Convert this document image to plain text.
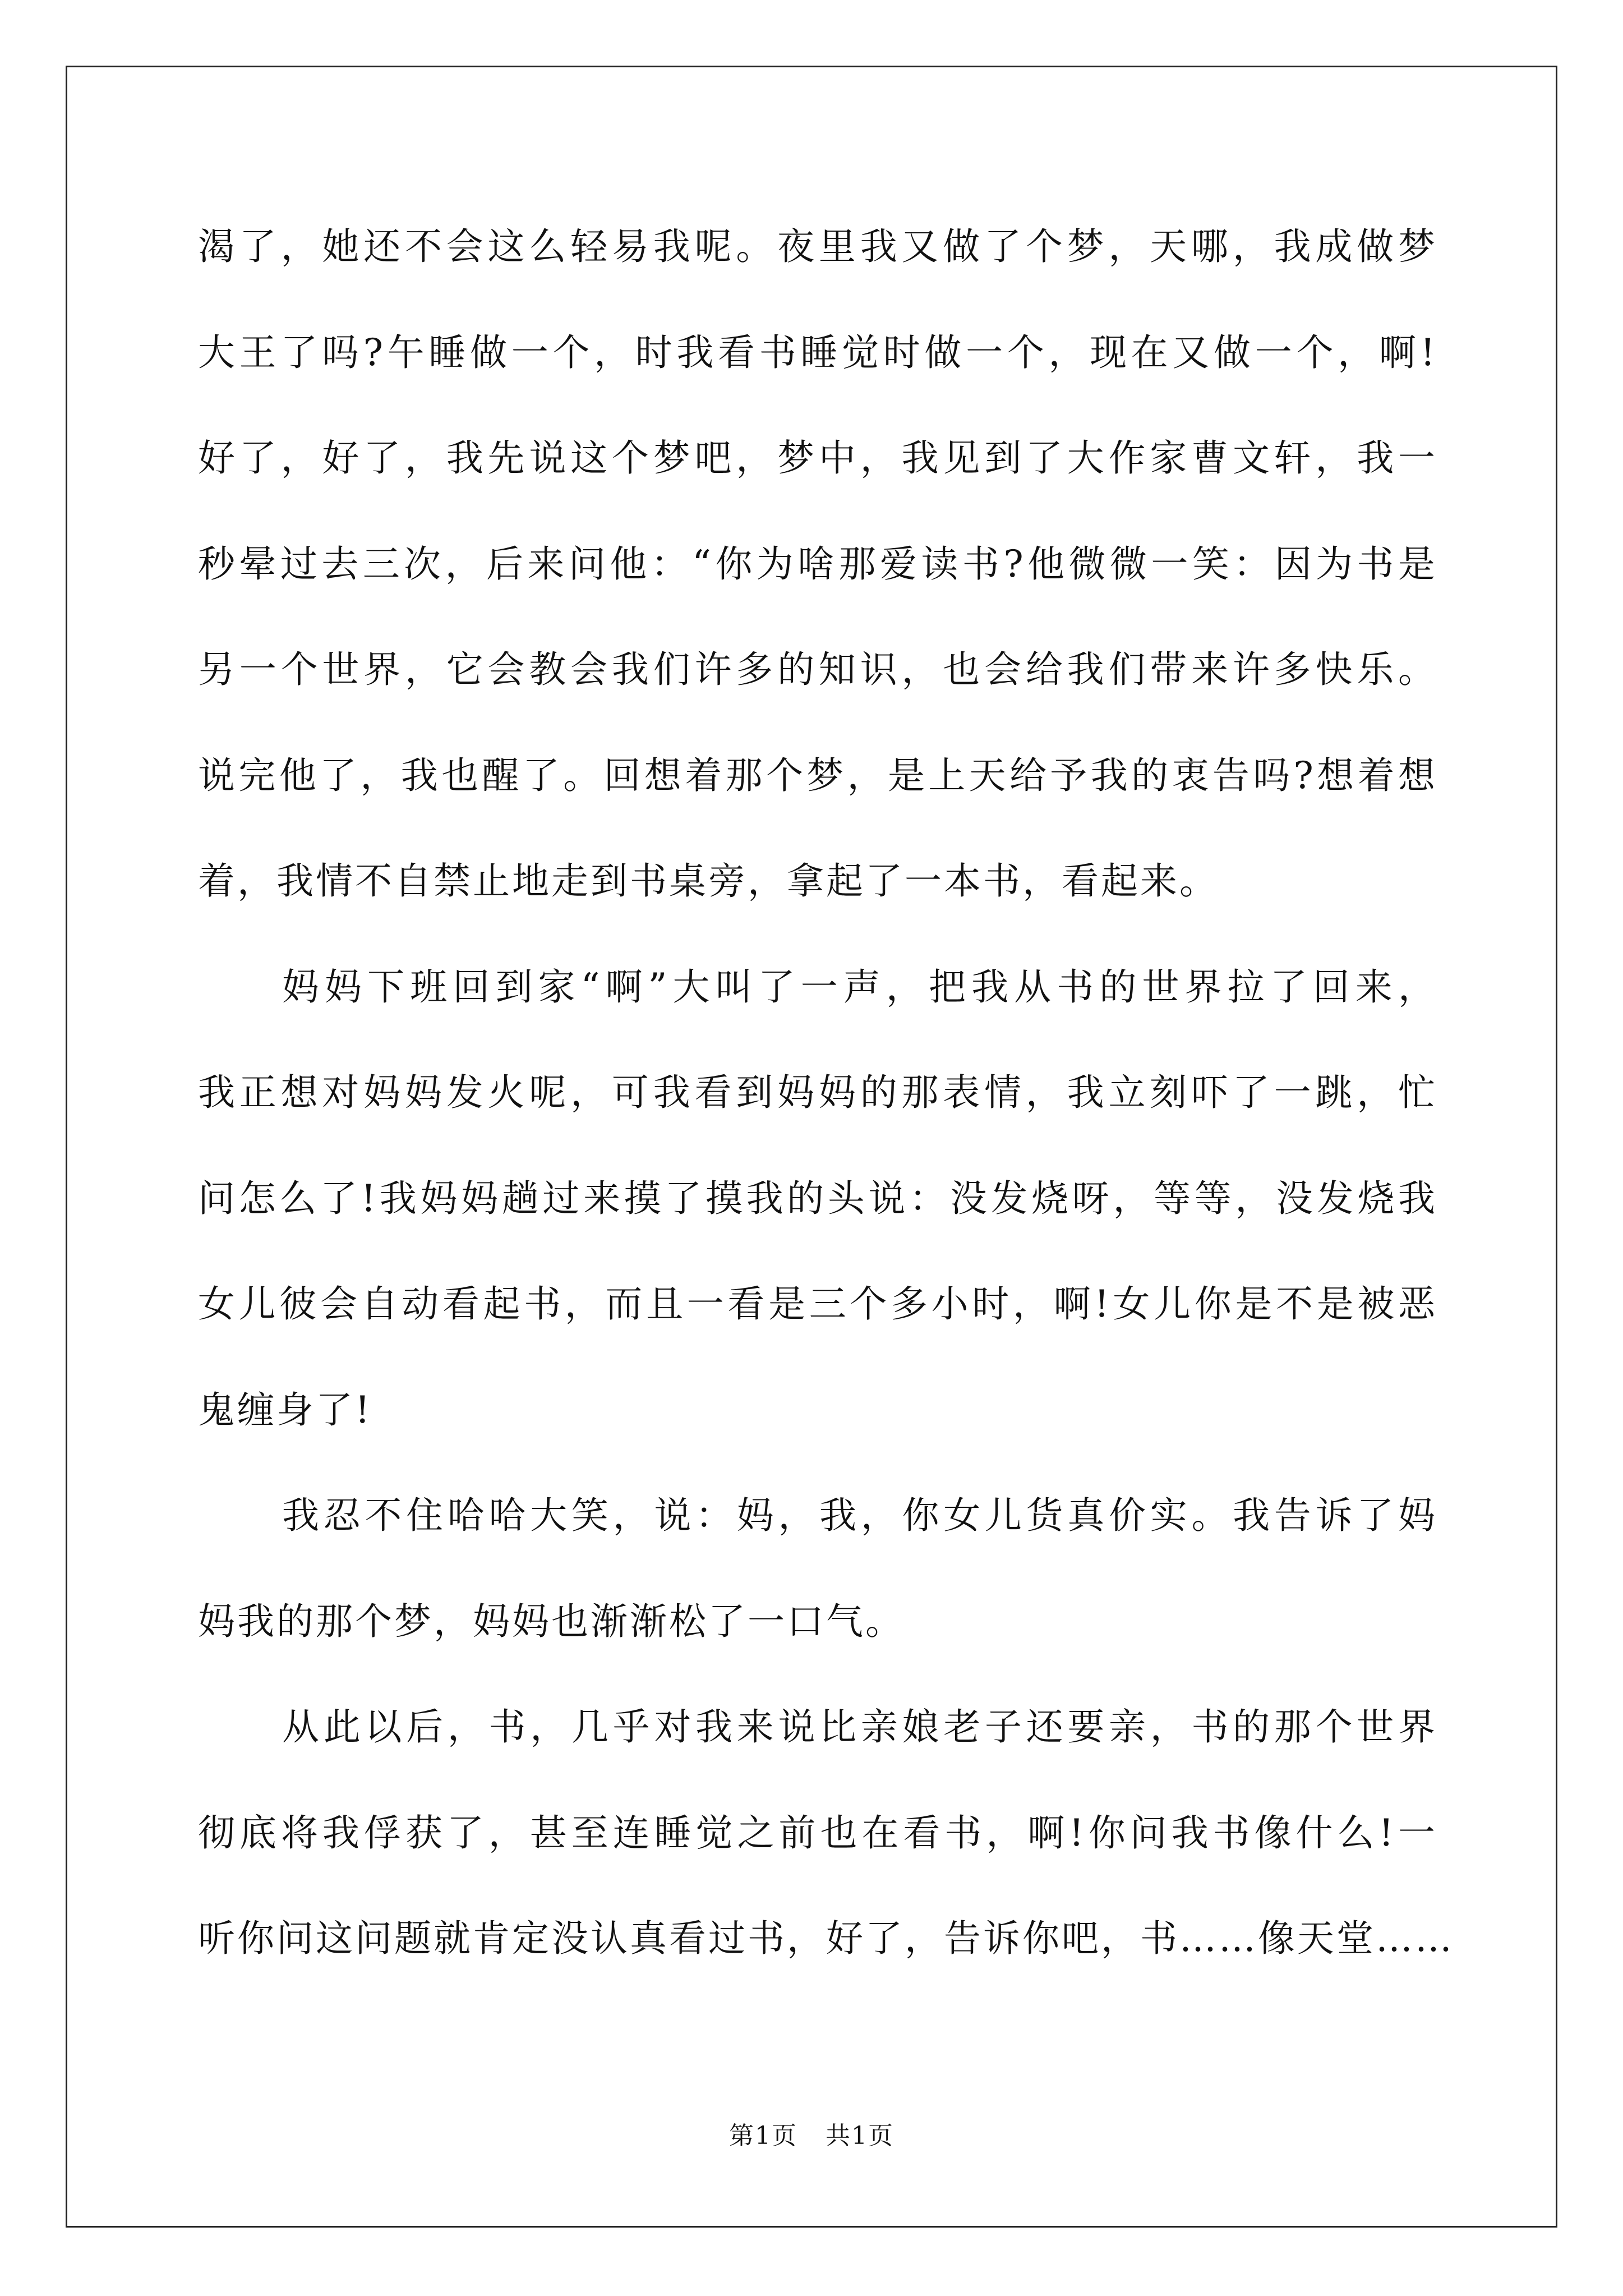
渴了，她还不会这么轻易我呢。夜里我又做了个梦，天哪，我成做梦
大王了吗?午睡做一个，时我看书睡觉时做一个，现在又做一个，啊!
好了，好了，我先说这个梦吧，梦中，我见到了大作家曹文轩，我一
秒晕过去三次，后来问他：“你为啥那爱读书?他微微一笑：因为书是
另一个世界，它会教会我们许多的知识，也会给我们带来许多快乐。
说完他了，我也醒了。回想着那个梦，是上天给予我的衷告吗?想着想
着，我情不自禁止地走到书桌旁，拿起了一本书，看起来。
妈妈下班回到家“啊”大叫了一声，把我从书的世界拉了回来，
我正想对妈妈发火呢，可我看到妈妈的那表情，我立刻吓了一跳，忙
问怎么了!我妈妈趟过来摸了摸我的头说：没发烧呀，等等，没发烧我
女儿彼会自动看起书，而且一看是三个多小时，啊!女儿你是不是被恶
鬼缠身了!
我忍不住哈哈大笑，说：妈，我，你女儿货真价实。我告诉了妈
妈我的那个梦，妈妈也渐渐松了一口气。
从此以后，书，几乎对我来说比亲娘老子还要亲，书的那个世界
彻底将我俘获了，甚至连睡觉之前也在看书，啊!你问我书像什么!一
听你问这问题就肯定没认真看过书，好了，告诉你吧，书……像天堂……
第1页 共1页
